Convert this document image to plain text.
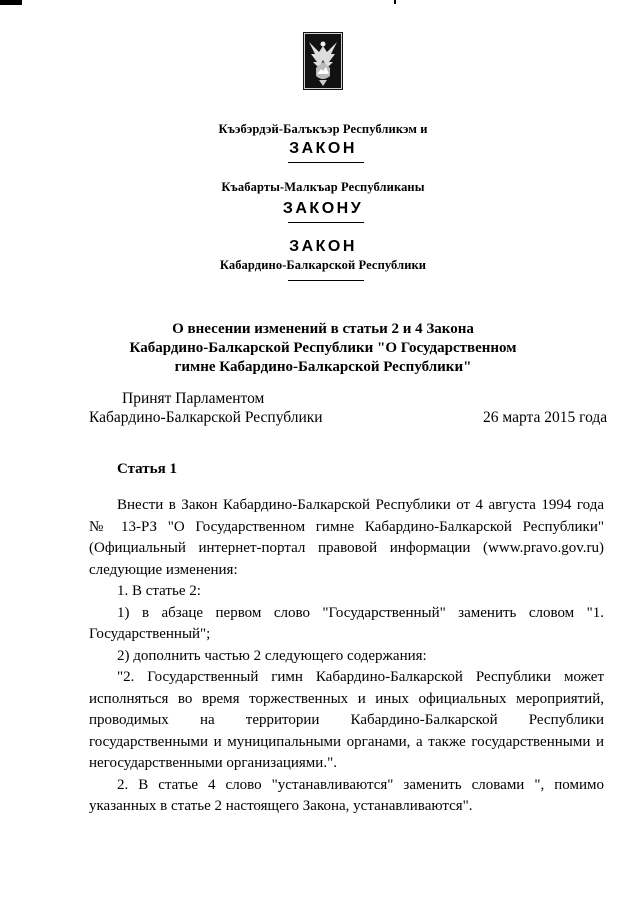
Къэбэрдэй-Балъкъэр Республикэм и
ЗАКОН
Къабарты-Малкъар Республиканы
ЗАКОНУ
ЗАКОН
Кабардино-Балкарской Республики
О внесении изменений в статьи 2 и 4 Закона
Кабардино-Балкарской Республики "О Государственном
гимне Кабардино-Балкарской Республики"
Принят Парламентом
Кабардино-Балкарской Республики	26 марта 2015 года
Статья 1

Внести в Закон Кабардино-Балкарской Республики от 4 августа 1994 года № 13-РЗ "О Государственном гимне Кабардино-Балкарской Республики" (Официальный интернет-портал правовой информации (www.pravo.gov.ru) следующие изменения:

1. В статье 2:

1) в абзаце первом слово "Государственный" заменить словом "1. Государственный";

2) дополнить частью 2 следующего содержания:

"2. Государственный гимн Кабардино-Балкарской Республики может исполняться во время торжественных и иных официальных мероприятий, проводимых на территории Кабардино-Балкарской Республики государственными и муниципальными органами, а также государственными и негосударственными организациями.".

2. В статье 4 слово "устанавливаются" заменить словами ", помимо указанных в статье 2 настоящего Закона, устанавливаются".
